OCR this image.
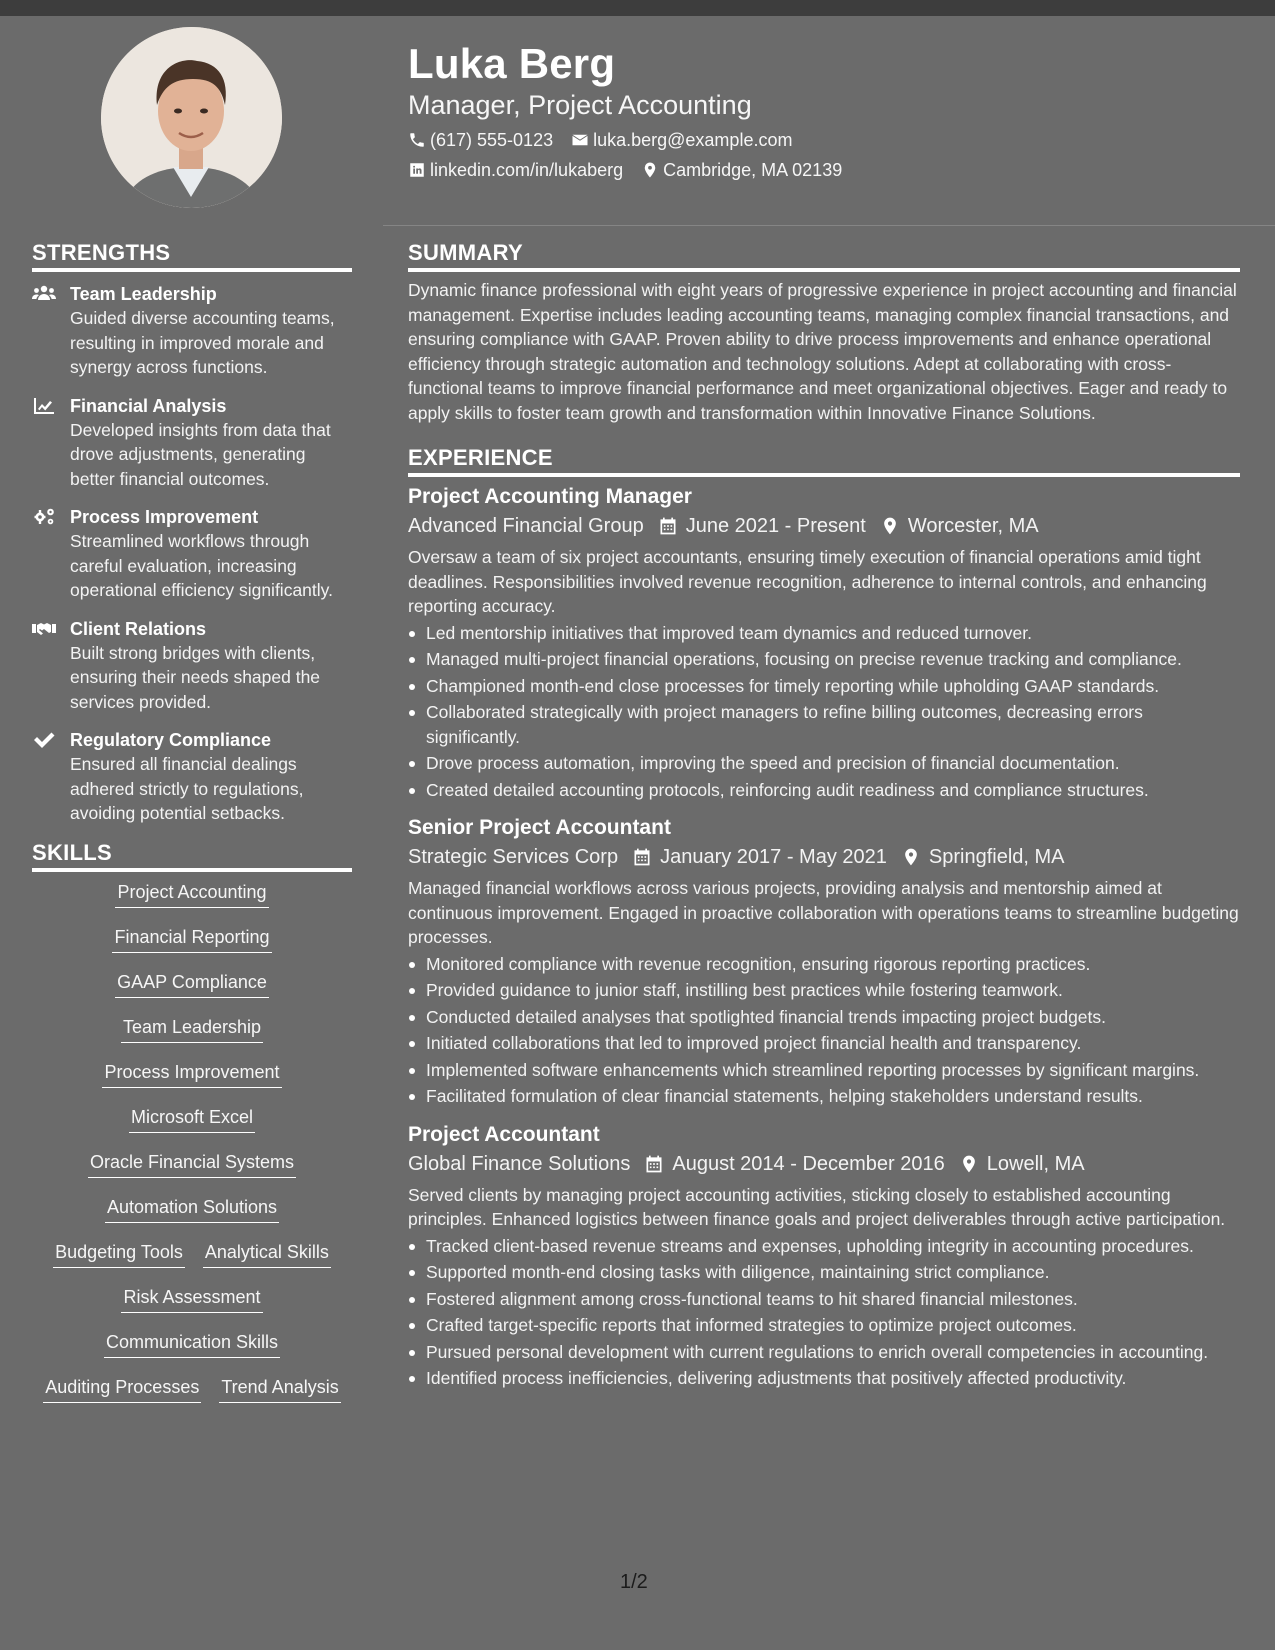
Luka Berg
Manager, Project Accounting
(617) 555-0123 luka.berg@example.com
linkedin.com/in/lukaberg Cambridge, MA 02139
STRENGTHS
Team Leadership
Guided diverse accounting teams, resulting in improved morale and synergy across functions.
Financial Analysis
Developed insights from data that drove adjustments, generating better financial outcomes.
Process Improvement
Streamlined workflows through careful evaluation, increasing operational efficiency significantly.
Client Relations
Built strong bridges with clients, ensuring their needs shaped the services provided.
Regulatory Compliance
Ensured all financial dealings adhered strictly to regulations, avoiding potential setbacks.
SKILLS
Project Accounting
Financial Reporting
GAAP Compliance
Team Leadership
Process Improvement
Microsoft Excel
Oracle Financial Systems
Automation Solutions
Budgeting Tools Analytical Skills
Risk Assessment
Communication Skills
Auditing Processes Trend Analysis
SUMMARY

Dynamic finance professional with eight years of progressive experience in project accounting and financial management. Expertise includes leading accounting teams, managing complex financial transactions, and ensuring compliance with GAAP. Proven ability to drive process improvements and enhance operational efficiency through strategic automation and technology solutions. Adept at collaborating with cross-functional teams to improve financial performance and meet organizational objectives. Eager and ready to apply skills to foster team growth and transformation within Innovative Finance Solutions.

EXPERIENCE
Project Accounting Manager
Advanced Financial Group June 2021 - Present Worcester, MA

Oversaw a team of six project accountants, ensuring timely execution of financial operations amid tight deadlines. Responsibilities involved revenue recognition, adherence to internal controls, and enhancing reporting accuracy.

Led mentorship initiatives that improved team dynamics and reduced turnover.
Managed multi-project financial operations, focusing on precise revenue tracking and compliance.
Championed month-end close processes for timely reporting while upholding GAAP standards.
Collaborated strategically with project managers to refine billing outcomes, decreasing errors significantly.
Drove process automation, improving the speed and precision of financial documentation.
Created detailed accounting protocols, reinforcing audit readiness and compliance structures.
Senior Project Accountant
Strategic Services Corp January 2017 - May 2021 Springfield, MA

Managed financial workflows across various projects, providing analysis and mentorship aimed at continuous improvement. Engaged in proactive collaboration with operations teams to streamline budgeting processes.

Monitored compliance with revenue recognition, ensuring rigorous reporting practices.
Provided guidance to junior staff, instilling best practices while fostering teamwork.
Conducted detailed analyses that spotlighted financial trends impacting project budgets.
Initiated collaborations that led to improved project financial health and transparency.
Implemented software enhancements which streamlined reporting processes by significant margins.
Facilitated formulation of clear financial statements, helping stakeholders understand results.
Project Accountant
Global Finance Solutions August 2014 - December 2016 Lowell, MA

Served clients by managing project accounting activities, sticking closely to established accounting principles. Enhanced logistics between finance goals and project deliverables through active participation.

Tracked client-based revenue streams and expenses, upholding integrity in accounting procedures.
Supported month-end closing tasks with diligence, maintaining strict compliance.
Fostered alignment among cross-functional teams to hit shared financial milestones.
Crafted target-specific reports that informed strategies to optimize project outcomes.
Pursued personal development with current regulations to enrich overall competencies in accounting.
Identified process inefficiencies, delivering adjustments that positively affected productivity.
1/2
